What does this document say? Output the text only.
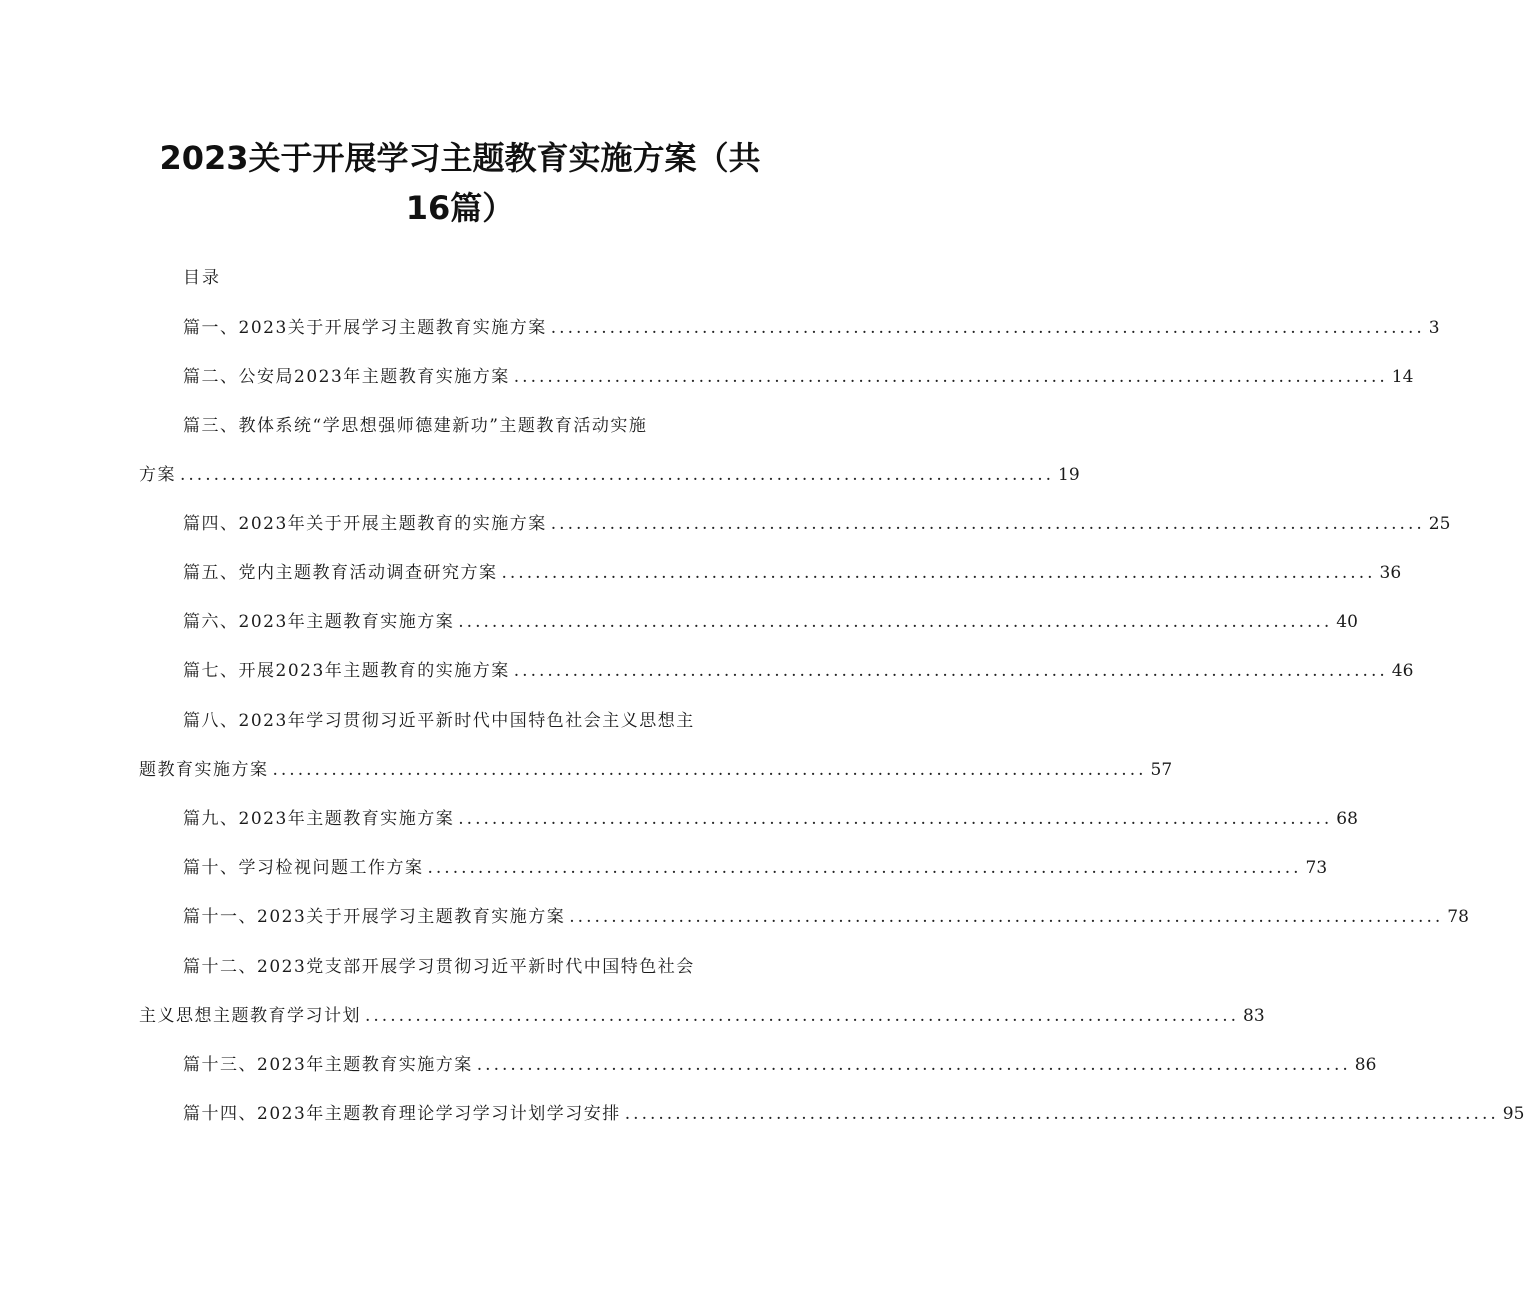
2023关于开展学习主题教育实施方案（共
16篇）
目录
篇一、2023关于开展学习主题教育实施方案 ........................................................................................................ 3
篇二、公安局2023年主题教育实施方案 ........................................................................................................ 14
篇三、教体系统“学思想强师德建新功”主题教育活动实施
方案 ........................................................................................................ 19
篇四、2023年关于开展主题教育的实施方案 ........................................................................................................ 25
篇五、党内主题教育活动调查研究方案 ........................................................................................................ 36
篇六、2023年主题教育实施方案 ........................................................................................................ 40
篇七、开展2023年主题教育的实施方案 ........................................................................................................ 46
篇八、2023年学习贯彻习近平新时代中国特色社会主义思想主
题教育实施方案 ........................................................................................................ 57
篇九、2023年主题教育实施方案 ........................................................................................................ 68
篇十、学习检视问题工作方案 ........................................................................................................ 73
篇十一、2023关于开展学习主题教育实施方案 ........................................................................................................ 78
篇十二、2023党支部开展学习贯彻习近平新时代中国特色社会
主义思想主题教育学习计划 ........................................................................................................ 83
篇十三、2023年主题教育实施方案 ........................................................................................................ 86
篇十四、2023年主题教育理论学习学习计划学习安排 ........................................................................................................ 95
